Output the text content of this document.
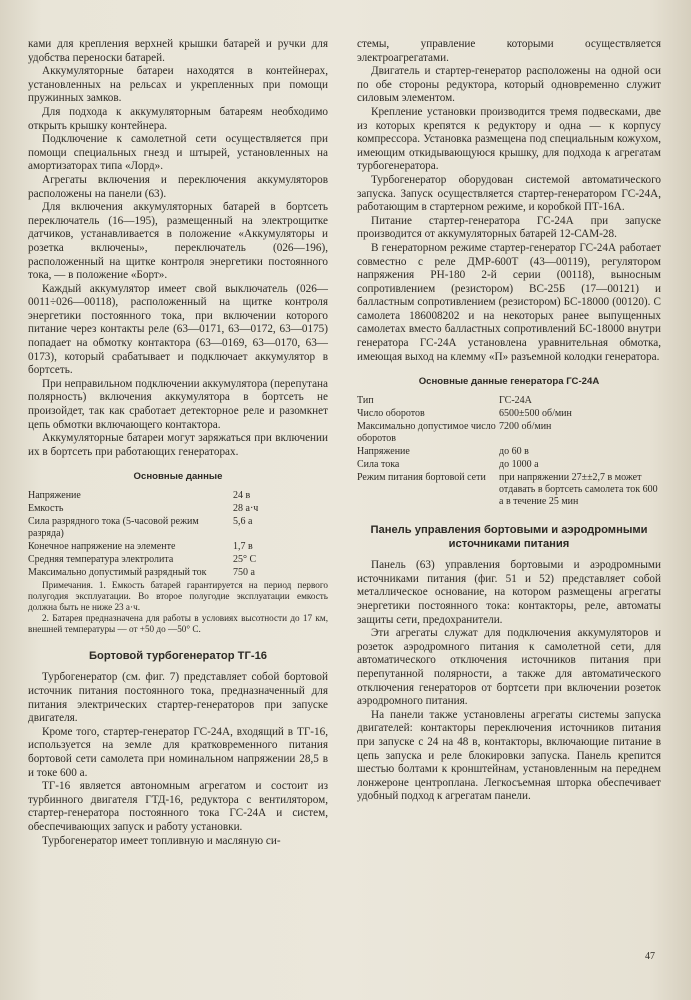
ками для крепления верхней крышки батарей и ручки для удобства переноски батарей.

Аккумуляторные батареи находятся в контейнерах, установленных на рельсах и укрепленных при помощи пружинных замков.

Для подхода к аккумуляторным батареям необходимо открыть крышку контейнера.

Подключение к самолетной сети осуществляется при помощи специальных гнезд и штырей, установленных на амортизаторах типа «Лорд».

Агрегаты включения и переключения аккумуляторов расположены на панели (63).

Для включения аккумуляторных батарей в бортсеть переключатель (16—195), размещенный на электрощитке датчиков, устанавливается в положение «Аккумуляторы и розетка включены», переключатель (026—196), расположенный на щитке контроля энергетики постоянного тока, — в положение «Борт».

Каждый аккумулятор имеет свой выключатель (026—0011÷026—00118), расположенный на щитке контроля энергетики постоянного тока, при включении которого питание через контакты реле (63—0171, 63—0172, 63—0175) попадает на обмотку контактора (63—0169, 63—0170, 63—0173), который срабатывает и подключает аккумулятор в бортсеть.

При неправильном подключении аккумулятора (перепутана полярность) включения аккумулятора в бортсеть не произойдет, так как сработает детекторное реле и разомкнет цепь обмотки включающего контактора.

Аккумуляторные батареи могут заряжаться при включении их в бортсеть при работающих генераторах.

Основные данные
Напряжение	24 в
Емкость	28 а·ч
Сила разрядного тока (5-часовой режим разряда)	5,6 а
Конечное напряжение на элементе	1,7 в
Средняя температура электролита	25° С
Максимально допустимый разрядный ток	750 а

Примечания. 1. Емкость батарей гарантируется на период первого полугодия эксплуатации. Во второе полугодие эксплуатации емкость должна быть не ниже 23 а·ч.

2. Батарея предназначена для работы в условиях высотности до 17 км, внешней температуры — от +50 до —50° С.

Бортовой турбогенератор ТГ-16

Турбогенератор (см. фиг. 7) представляет собой бортовой источник питания постоянного тока, предназначенный для питания электрических стартер-генераторов при запуске двигателя.

Кроме того, стартер-генератор ГС-24А, входящий в ТГ-16, используется на земле для кратковременного питания бортовой сети самолета при номинальном напряжении 28,5 в и токе 600 а.

ТГ-16 является автономным агрегатом и состоит из турбинного двигателя ГТД-16, редуктора с вентилятором, стартер-генератора постоянного тока ГС-24А и систем, обеспечивающих запуск и работу установки.

Турбогенератор имеет топливную и масляную си-

стемы, управление которыми осуществляется электроагрегатами.

Двигатель и стартер-генератор расположены на одной оси по обе стороны редуктора, который одновременно служит силовым элементом.

Крепление установки производится тремя подвесками, две из которых крепятся к редуктору и одна — к корпусу компрессора. Установка размещена под специальным кожухом, имеющим откидывающуюся крышку, для подхода к агрегатам турбогенератора.

Турбогенератор оборудован системой автоматического запуска. Запуск осуществляется стартер-генератором ГС-24А, работающим в стартерном режиме, и коробкой ПТ-16А.

Питание стартер-генератора ГС-24А при запуске производится от аккумуляторных батарей 12-САМ-28.

В генераторном режиме стартер-генератор ГС-24А работает совместно с реле ДМР-600Т (43—00119), регулятором напряжения РН-180 2-й серии (00118), выносным сопротивлением (резистором) ВС-25Б (17—00121) и балластным сопротивлением (резистором) БС-18000 (00120). С самолета 186008202 и на некоторых ранее выпущенных самолетах вместо балластных сопротивлений БС-18000 внутри генератора ГС-24А установлена уравнительная обмотка, имеющая выход на клемму «П» разъемной колодки генератора.

Основные данные генератора ГС-24А
Тип	ГС-24А
Число оборотов	6500±500 об/мин
Максимально допустимое число оборотов	7200 об/мин
Напряжение	до 60 в
Сила тока	до 1000 а
Режим питания бортовой сети	при напряжении 27±±2,7 в может отдавать в бортсеть самолета ток 600 а в течение 25 мин
Панель управления бортовыми и аэродромными источниками питания

Панель (63) управления бортовыми и аэродромными источниками питания (фиг. 51 и 52) представляет собой металлическое основание, на котором размещены агрегаты энергетики постоянного тока: контакторы, реле, автоматы защиты сети, предохранители.

Эти агрегаты служат для подключения аккумуляторов и розеток аэродромного питания к самолетной сети, для автоматического отключения источников питания при перепутанной полярности, а также для автоматического отключения генераторов от бортсети при включении розеток аэродромного питания.

На панели также установлены агрегаты системы запуска двигателей: контакторы переключения источников питания при запуске с 24 на 48 в, контакторы, включающие питание в цепь запуска и реле блокировки запуска. Панель крепится шестью болтами к кронштейнам, установленным на переднем лонжероне центроплана. Легкосъемная шторка обеспечивает удобный подход к агрегатам панели.

47
